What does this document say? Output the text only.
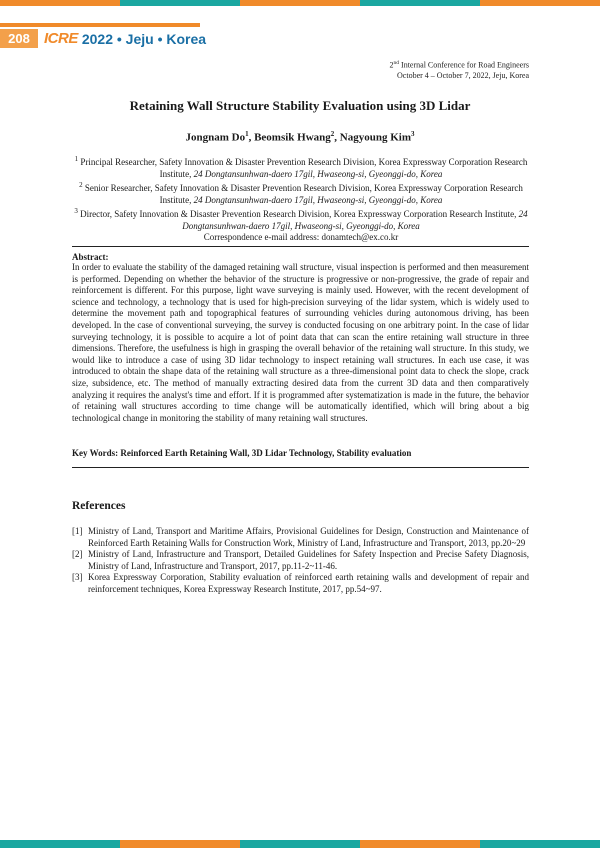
208 ICRE 2022 • Jeju • Korea
2nd Internal Conference for Road Engineers
October 4 – October 7, 2022, Jeju, Korea
Retaining Wall Structure Stability Evaluation using 3D Lidar
Jongnam Do$^1$, Beomsik Hwang$^2$, Nagyoung Kim$^3$
$^1$ Principal Researcher, Safety Innovation & Disaster Prevention Research Division, Korea Expressway Corporation Research Institute, 24 Dongtansunhwan-daero 17gil, Hwaseong-si, Gyeonggi-do, Korea
$^2$ Senior Researcher, Safety Innovation & Disaster Prevention Research Division, Korea Expressway Corporation Research Institute, 24 Dongtansunhwan-daero 17gil, Hwaseong-si, Gyeonggi-do, Korea
$^3$ Director, Safety Innovation & Disaster Prevention Research Division, Korea Expressway Corporation Research Institute, 24 Dongtansunhwan-daero 17gil, Hwaseong-si, Gyeonggi-do, Korea
Correspondence e-mail address: donamtech@ex.co.kr
Abstract:
In order to evaluate the stability of the damaged retaining wall structure, visual inspection is performed and then measurement is performed. Depending on whether the behavior of the structure is progressive or non-progressive, the grade of repair and reinforcement is different. For this purpose, light wave surveying is mainly used. However, with the recent development of science and technology, a technology that is used for high-precision surveying of the lidar system, which is widely used to determine the movement path and topographical features of surrounding vehicles during autonomous driving, has been developed. In the case of conventional surveying, the survey is conducted focusing on one arbitrary point. In the case of lidar surveying technology, it is possible to acquire a lot of point data that can scan the entire retaining wall structure in three dimensions. Therefore, the usefulness is high in grasping the overall behavior of the retaining wall structure. In this study, we would like to introduce a case of using 3D lidar technology to inspect retaining wall structures. In each use case, it was introduced to obtain the shape data of the retaining wall structure as a three-dimensional point data to check the slope, crack size, subsidence, etc. The method of manually extracting desired data from the current 3D data and then comparatively analyzing it requires the analyst's time and effort. If it is programmed after systematization is made in the future, the behavior of retaining wall structures according to time change will be automatically identified, which will bring about a big technological change in monitoring the stability of many retaining wall structures.
Key Words: Reinforced Earth Retaining Wall, 3D Lidar Technology, Stability evaluation
References
[1] Ministry of Land, Transport and Maritime Affairs, Provisional Guidelines for Design, Construction and Maintenance of Reinforced Earth Retaining Walls for Construction Work, Ministry of Land, Infrastructure and Transport, 2013, pp.20~29
[2] Ministry of Land, Infrastructure and Transport, Detailed Guidelines for Safety Inspection and Precise Safety Diagnosis, Ministry of Land, Infrastructure and Transport, 2017, pp.11-2~11-46.
[3] Korea Expressway Corporation, Stability evaluation of reinforced earth retaining walls and development of repair and reinforcement techniques, Korea Expressway Research Institute, 2017, pp.54~97.
